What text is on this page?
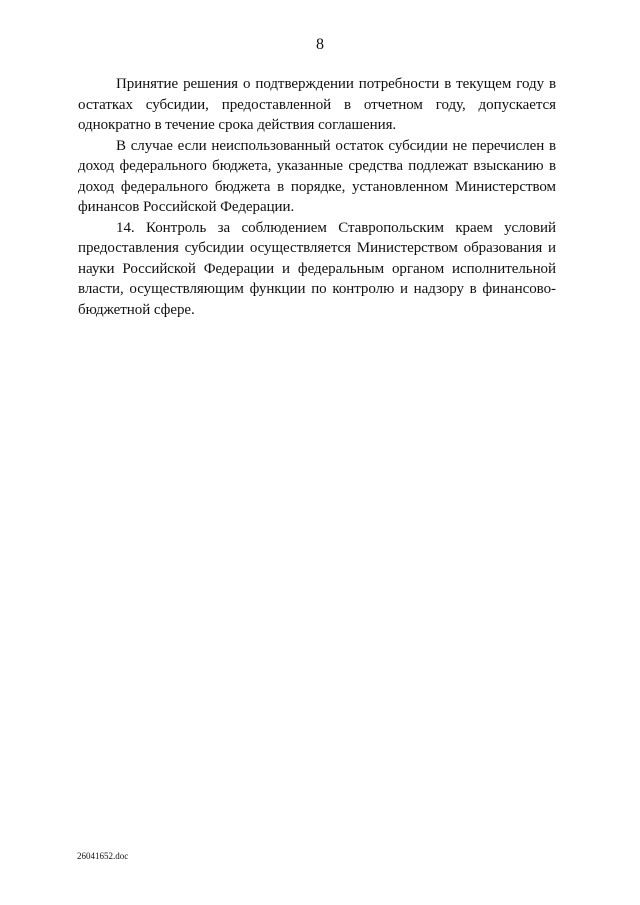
8

Принятие решения о подтверждении потребности в текущем году в остатках субсидии, предоставленной в отчетном году, допускается однократно в течение срока действия соглашения.

В случае если неиспользованный остаток субсидии не перечислен в доход федерального бюджета, указанные средства подлежат взысканию в доход федерального бюджета в порядке, установленном Министерством финансов Российской Федерации.

14. Контроль за соблюдением Ставропольским краем условий предоставления субсидии осуществляется Министерством образования и науки Российской Федерации и федеральным органом исполнительной власти, осуществляющим функции по контролю и надзору в финансово-бюджетной сфере.

26041652.doc
